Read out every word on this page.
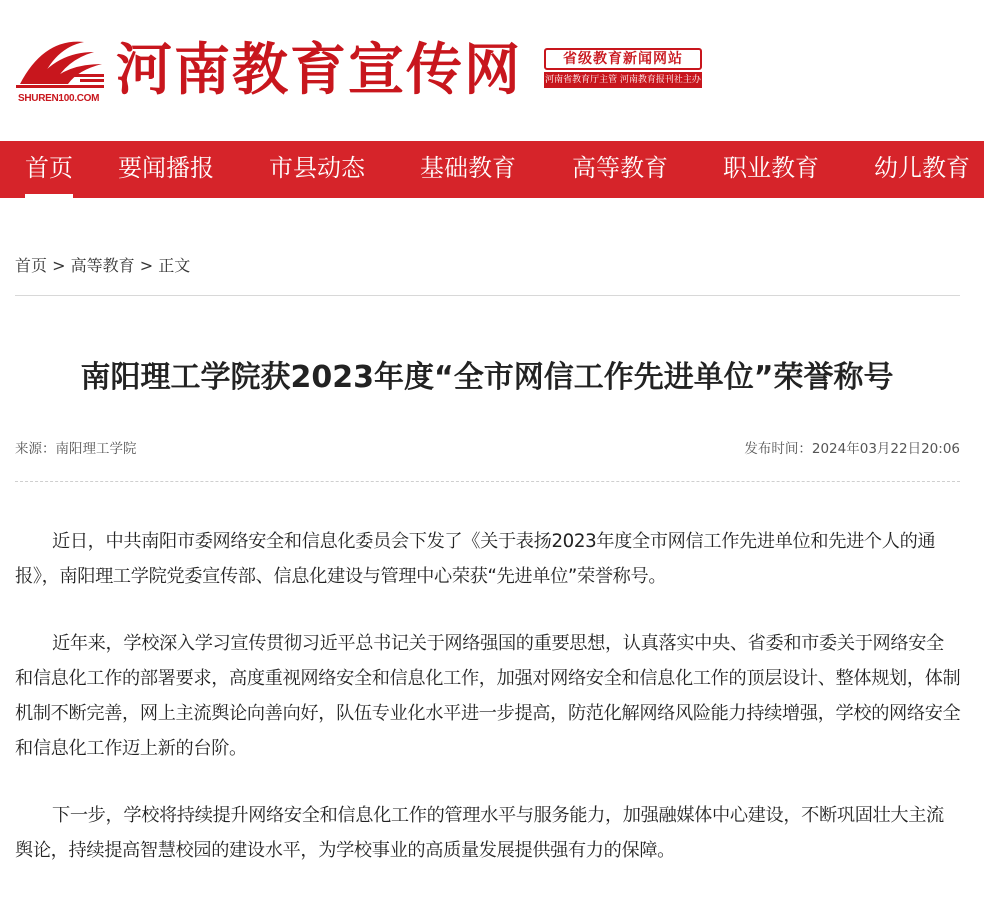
SHUREN100.COM 河南教育宣传网	省级教育新闻网站
河南省教育厅主管 河南教育报刊社主办
首页 要闻播报 市县动态 基础教育 高等教育 职业教育 幼儿教育
首页 > 高等教育 > 正文
南阳理工学院获2023年度“全市网信工作先进单位”荣誉称号
来源：南阳理工学院	发布时间：2024年03月22日20:06

近日，中共南阳市委网络安全和信息化委员会下发了《关于表扬2023年度全市网信工作先进单位和先进个人的通报》，南阳理工学院党委宣传部、信息化建设与管理中心荣获“先进单位”荣誉称号。

近年来，学校深入学习宣传贯彻习近平总书记关于网络强国的重要思想，认真落实中央、省委和市委关于网络安全和信息化工作的部署要求，高度重视网络安全和信息化工作，加强对网络安全和信息化工作的顶层设计、整体规划，体制机制不断完善，网上主流舆论向善向好，队伍专业化水平进一步提高，防范化解网络风险能力持续增强，学校的网络安全和信息化工作迈上新的台阶。

下一步，学校将持续提升网络安全和信息化工作的管理水平与服务能力，加强融媒体中心建设，不断巩固壮大主流舆论，持续提高智慧校园的建设水平，为学校事业的高质量发展提供强有力的保障。
